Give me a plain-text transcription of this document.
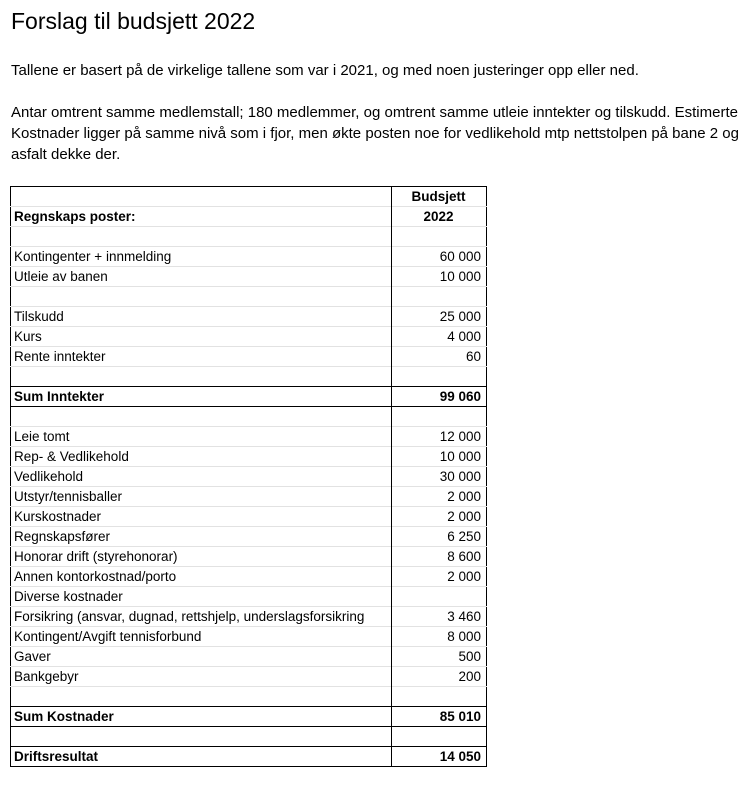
Forslag til budsjett 2022
Tallene er basert på de virkelige tallene som var i 2021, og med noen justeringer opp eller ned.
Antar omtrent samme medlemstall; 180 medlemmer, og omtrent samme utleie inntekter og tilskudd. Estimerte Kostnader ligger på samme nivå som i fjor, men økte posten noe for vedlikehold mtp nettstolpen på bane 2 og asfalt dekke der.
	Budsjett
Regnskaps poster:	2022

Kontingenter + innmelding	60 000
Utleie av banen	10 000

Tilskudd	25 000
Kurs	4 000
Rente inntekter	60

Sum Inntekter	99 060

Leie tomt	12 000
Rep- & Vedlikehold	10 000
Vedlikehold	30 000
Utstyr/tennisballer	2 000
Kurskostnader	2 000
Regnskapsfører	6 250
Honorar drift (styrehonorar)	8 600
Annen kontorkostnad/porto	2 000
Diverse kostnader	
Forsikring (ansvar, dugnad, rettshjelp, underslagsforsikring	3 460
Kontingent/Avgift tennisforbund	8 000
Gaver	500
Bankgebyr	200

Sum Kostnader	85 010

Driftsresultat	14 050
